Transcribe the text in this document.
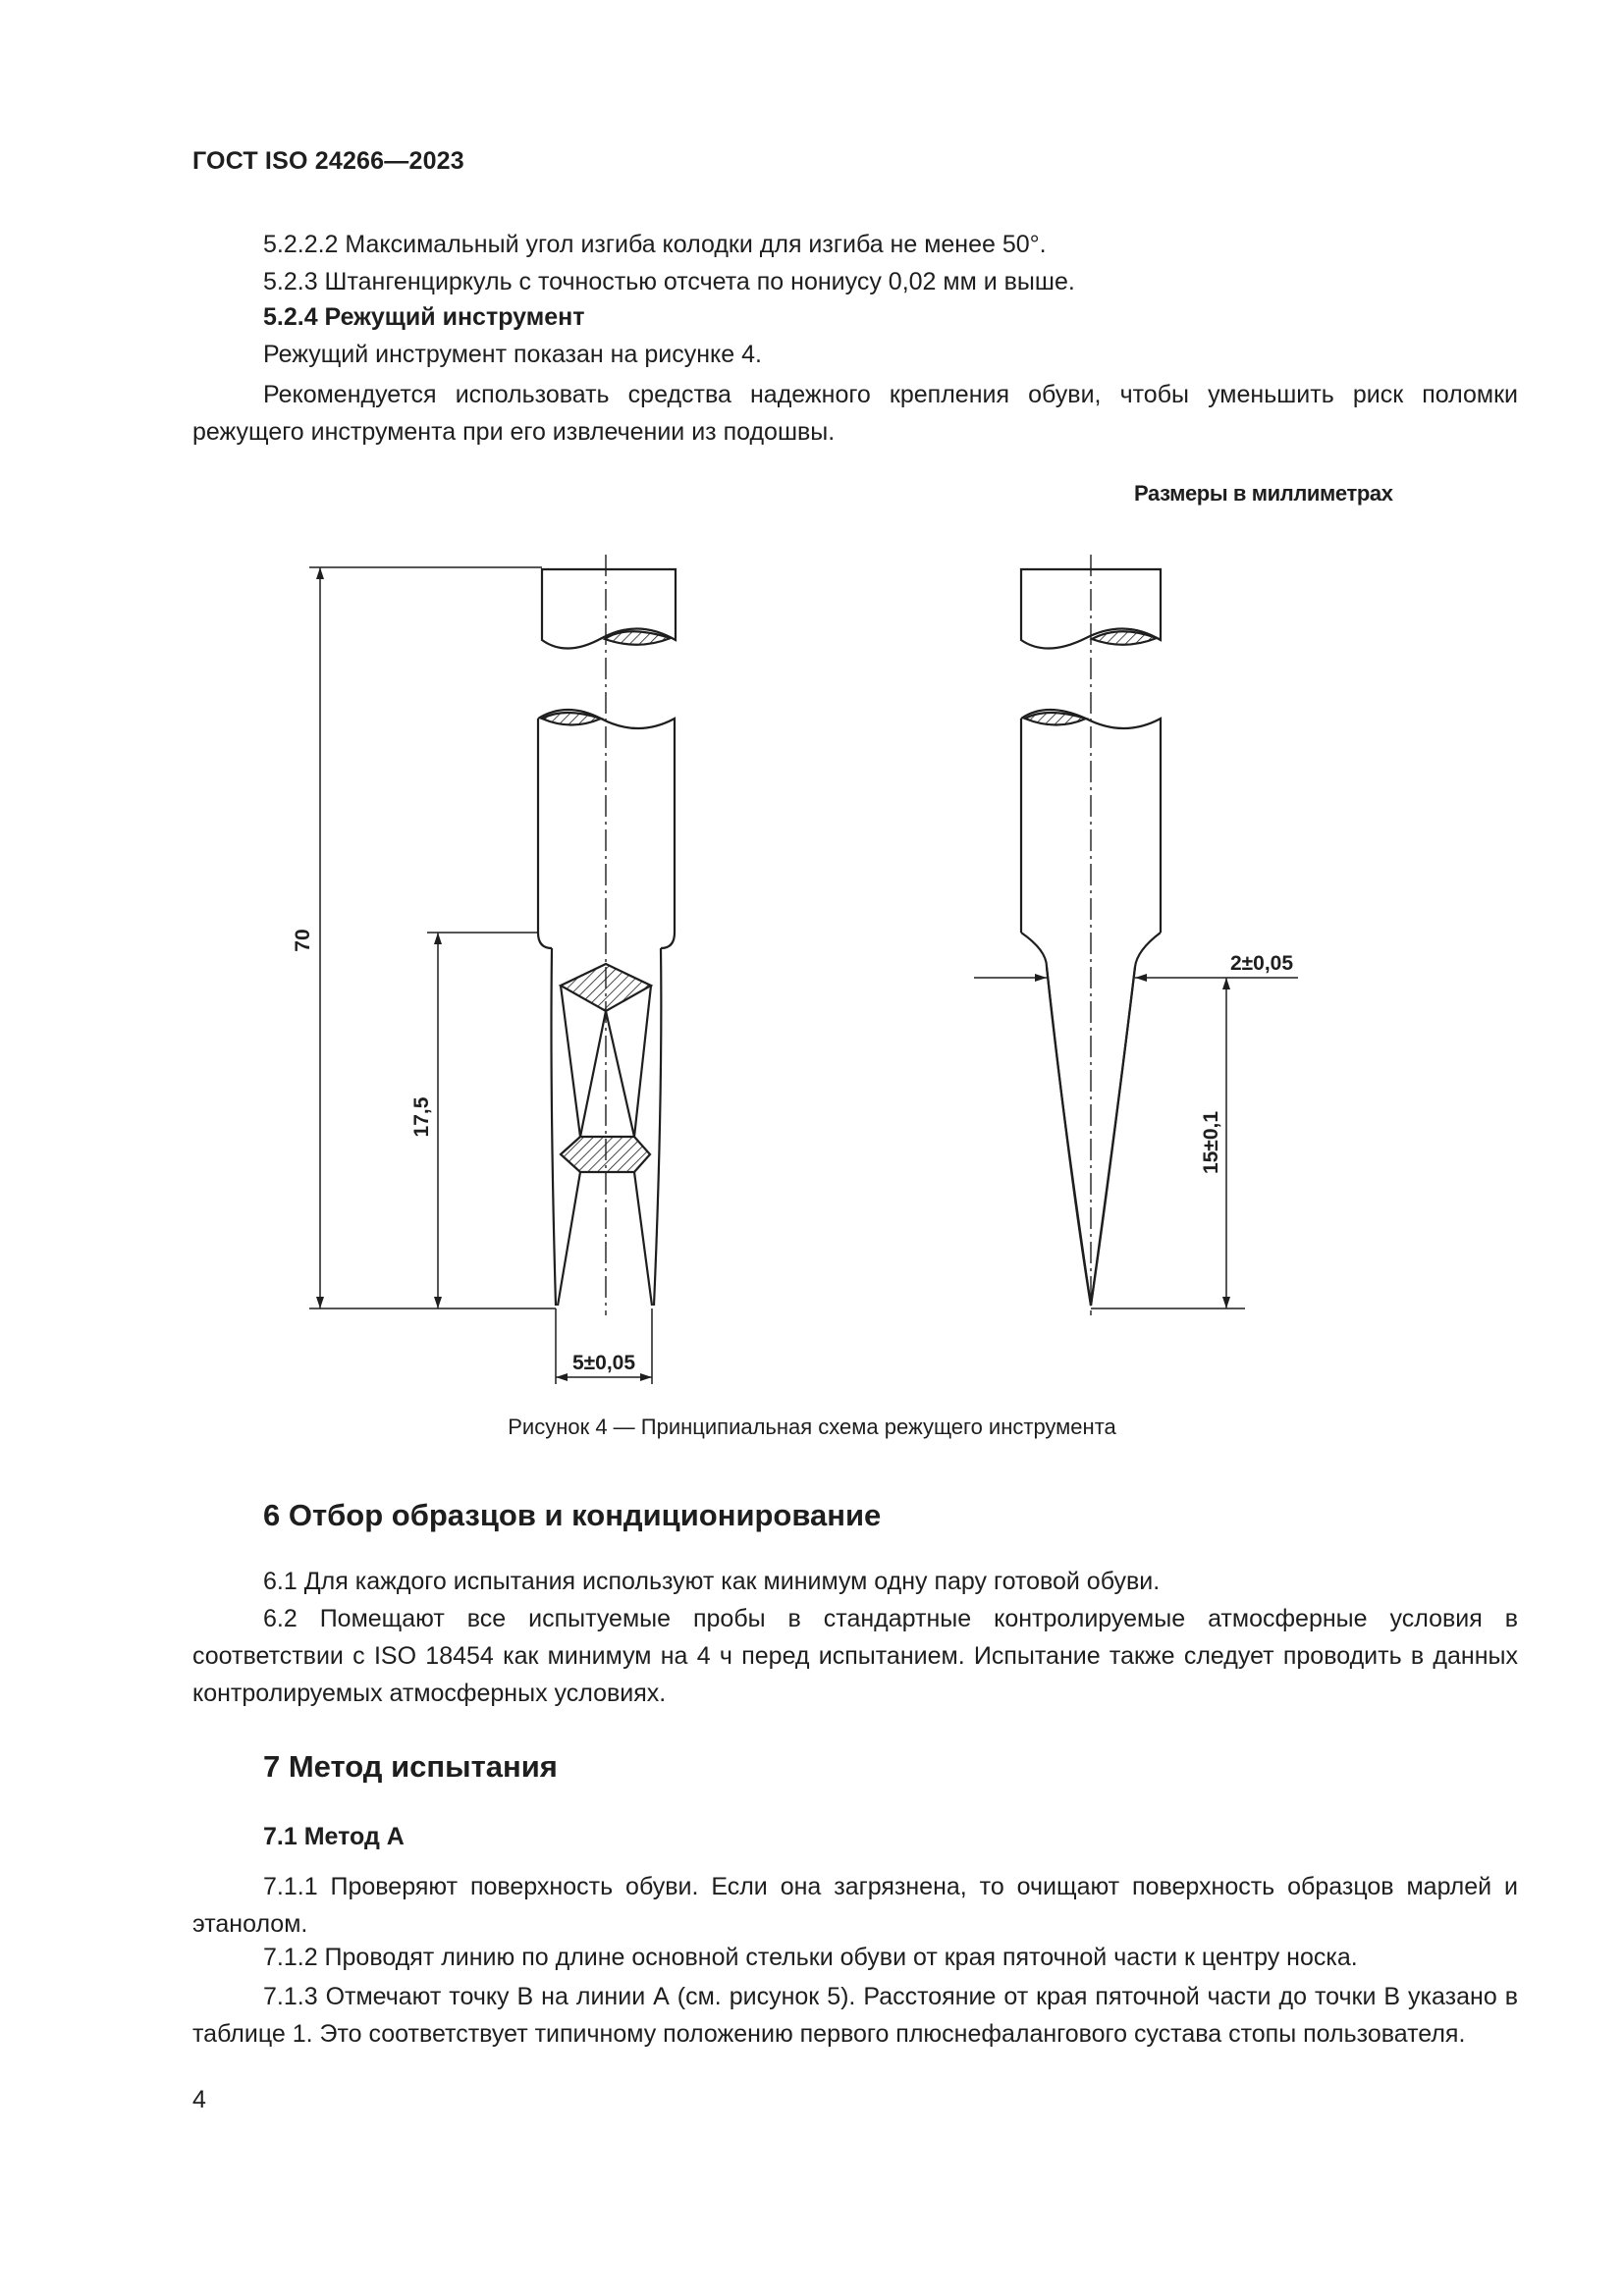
ГОСТ ISO 24266—2023

5.2.2.2 Максимальный угол изгиба колодки для изгиба не менее 50°.

5.2.3 Штангенциркуль с точностью отсчета по нониусу 0,02 мм и выше.

5.2.4 Режущий инструмент

Режущий инструмент показан на рисунке 4.

Рекомендуется использовать средства надежного крепления обуви, чтобы уменьшить риск поломки режущего инструмента при его извлечении из подошвы.

Размеры в миллиметрах
70
17,5
5±0,05
2±0,05
15±0,1
Рисунок 4 — Принципиальная схема режущего инструмента
6 Отбор образцов и кондиционирование

6.1 Для каждого испытания используют как минимум одну пару готовой обуви.

6.2 Помещают все испытуемые пробы в стандартные контролируемые атмосферные условия в соответствии с ISO 18454 как минимум на 4 ч перед испытанием. Испытание также следует проводить в данных контролируемых атмосферных условиях.

7 Метод испытания
7.1 Метод А

7.1.1 Проверяют поверхность обуви. Если она загрязнена, то очищают поверхность образцов марлей и этанолом.

7.1.2 Проводят линию по длине основной стельки обуви от края пяточной части к центру носка.

7.1.3 Отмечают точку В на линии А (см. рисунок 5). Расстояние от края пяточной части до точки В указано в таблице 1. Это соответствует типичному положению первого плюснефалангового сустава стопы пользователя.

4
